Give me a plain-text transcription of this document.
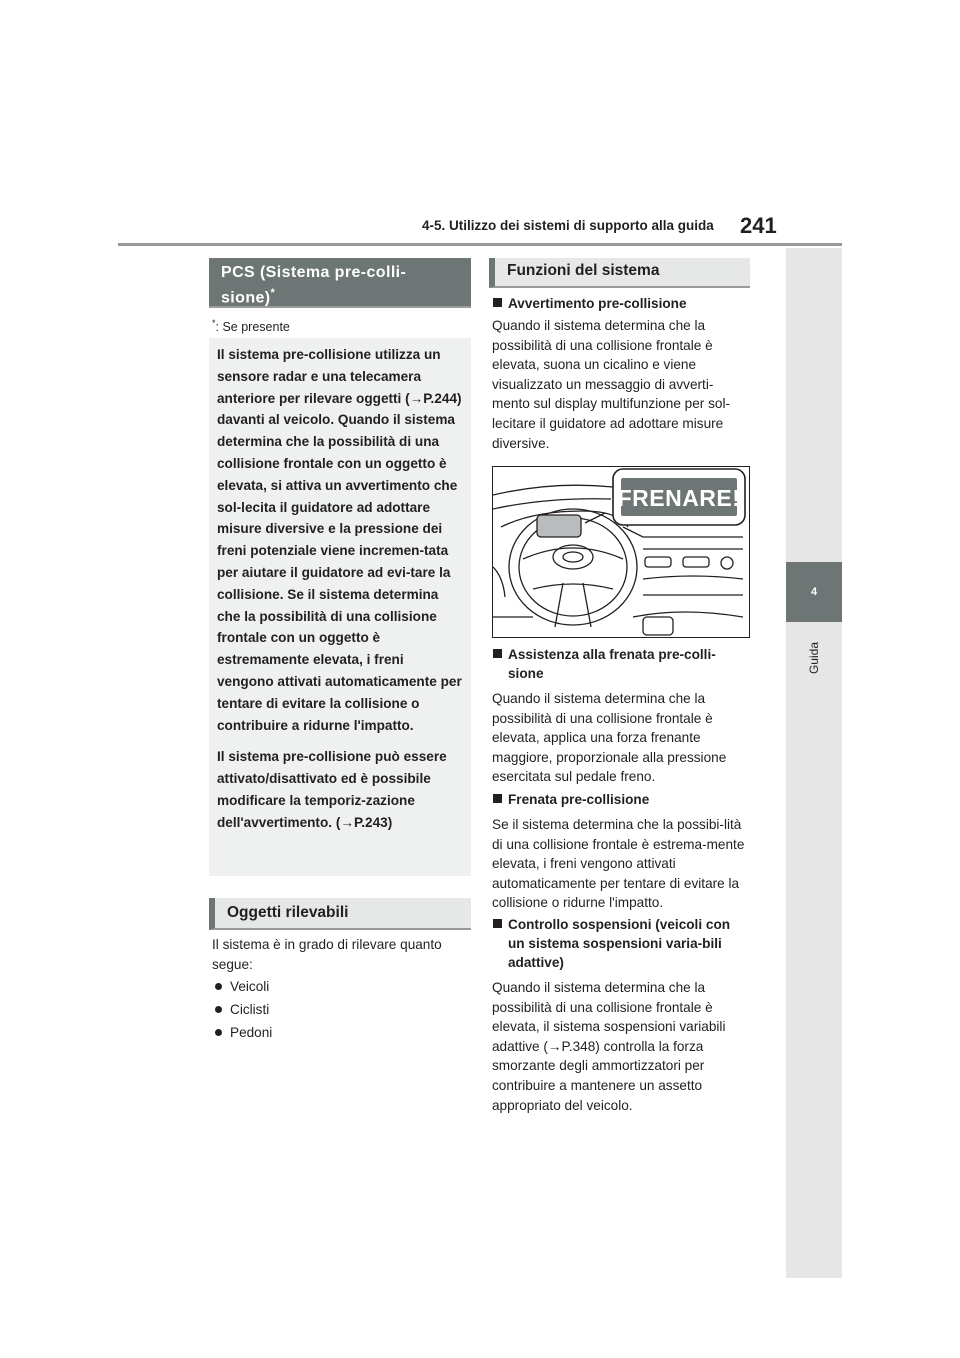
4-5. Utilizzo dei sistemi di supporto alla guida 241
4
Guida
PCS (Sistema pre-colli-sione)*
*: Se presente

Il sistema pre-collisione utilizza un sensore radar e una telecamera anteriore per rilevare oggetti (→P.244) davanti al veicolo. Quando il sistema determina che la possibilità di una collisione frontale con un oggetto è elevata, si attiva un avvertimento che sol-lecita il guidatore ad adottare misure diversive e la pressione dei freni potenziale viene incremen-tata per aiutare il guidatore ad evi-tare la collisione. Se il sistema determina che la possibilità di una collisione frontale con un oggetto è estremamente elevata, i freni vengono attivati automaticamente per tentare di evitare la collisione o contribuire a ridurne l'impatto.

Il sistema pre-collisione può essere attivato/disattivato ed è possibile modificare la temporiz-zazione dell'avvertimento. (→P.243)

Oggetti rilevabili

Il sistema è in grado di rilevare quanto segue:

Veicoli
Ciclisti
Pedoni
Funzioni del sistema

Avvertimento pre-collisione

Quando il sistema determina che la possibilità di una collisione frontale è elevata, suona un cicalino e viene visualizzato un messaggio di avverti-mento sul display multifunzione per sol-lecitare il guidatore ad adottare misure diversive.

FRENARE!

Assistenza alla frenata pre-colli-sione

Quando il sistema determina che la possibilità di una collisione frontale è elevata, applica una forza frenante maggiore, proporzionale alla pressione esercitata sul pedale freno.

Frenata pre-collisione

Se il sistema determina che la possibi-lità di una collisione frontale è estrema-mente elevata, i freni vengono attivati automaticamente per tentare di evitare la collisione o ridurne l'impatto.

Controllo sospensioni (veicoli con un sistema sospensioni varia-bili adattive)

Quando il sistema determina che la possibilità di una collisione frontale è elevata, il sistema sospensioni variabili adattive (→P.348) controlla la forza smorzante degli ammortizzatori per contribuire a mantenere un assetto appropriato del veicolo.
